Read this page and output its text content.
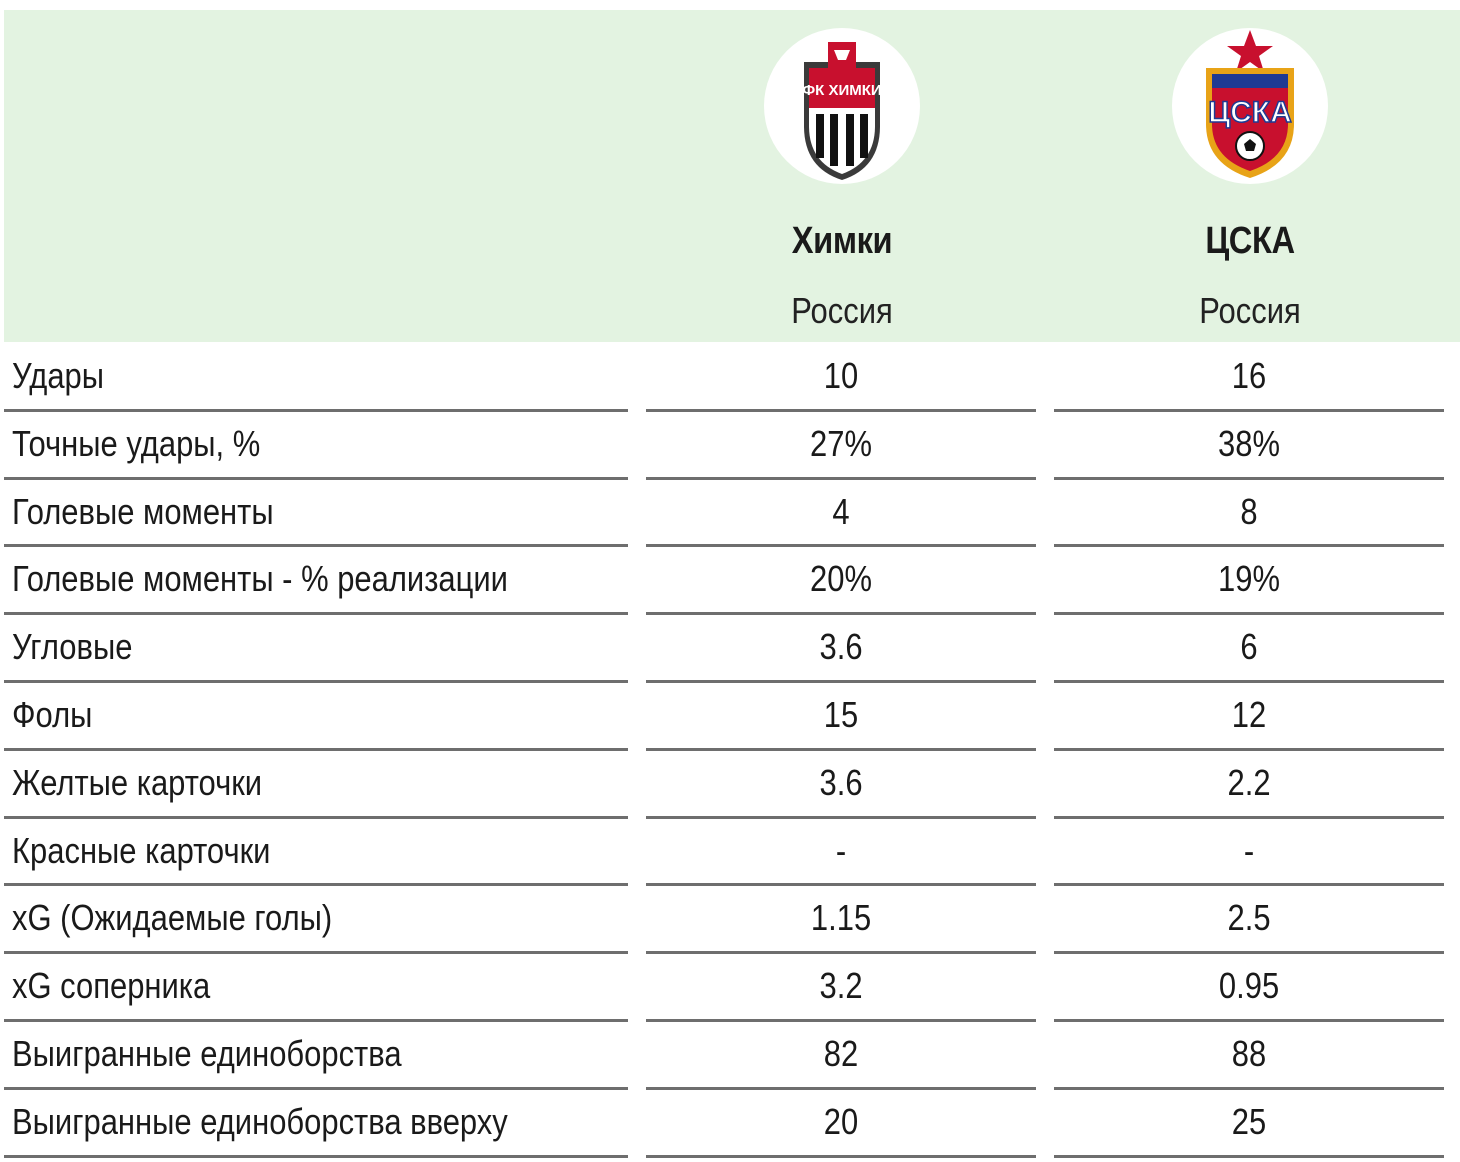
ФК ХИМКИ
Химки
Россия
ЦСКА
ЦСКА
Россия
Удары	10	16
Точные удары, %	27%	38%
Голевые моменты	4	8
Голевые моменты - % реализации	20%	19%
Угловые	3.6	6
Фолы	15	12
Желтые карточки	3.6	2.2
Красные карточки	-	-
xG (Ожидаемые голы)	1.15	2.5
xG соперника	3.2	0.95
Выигранные единоборства	82	88
Выигранные единоборства вверху	20	25
